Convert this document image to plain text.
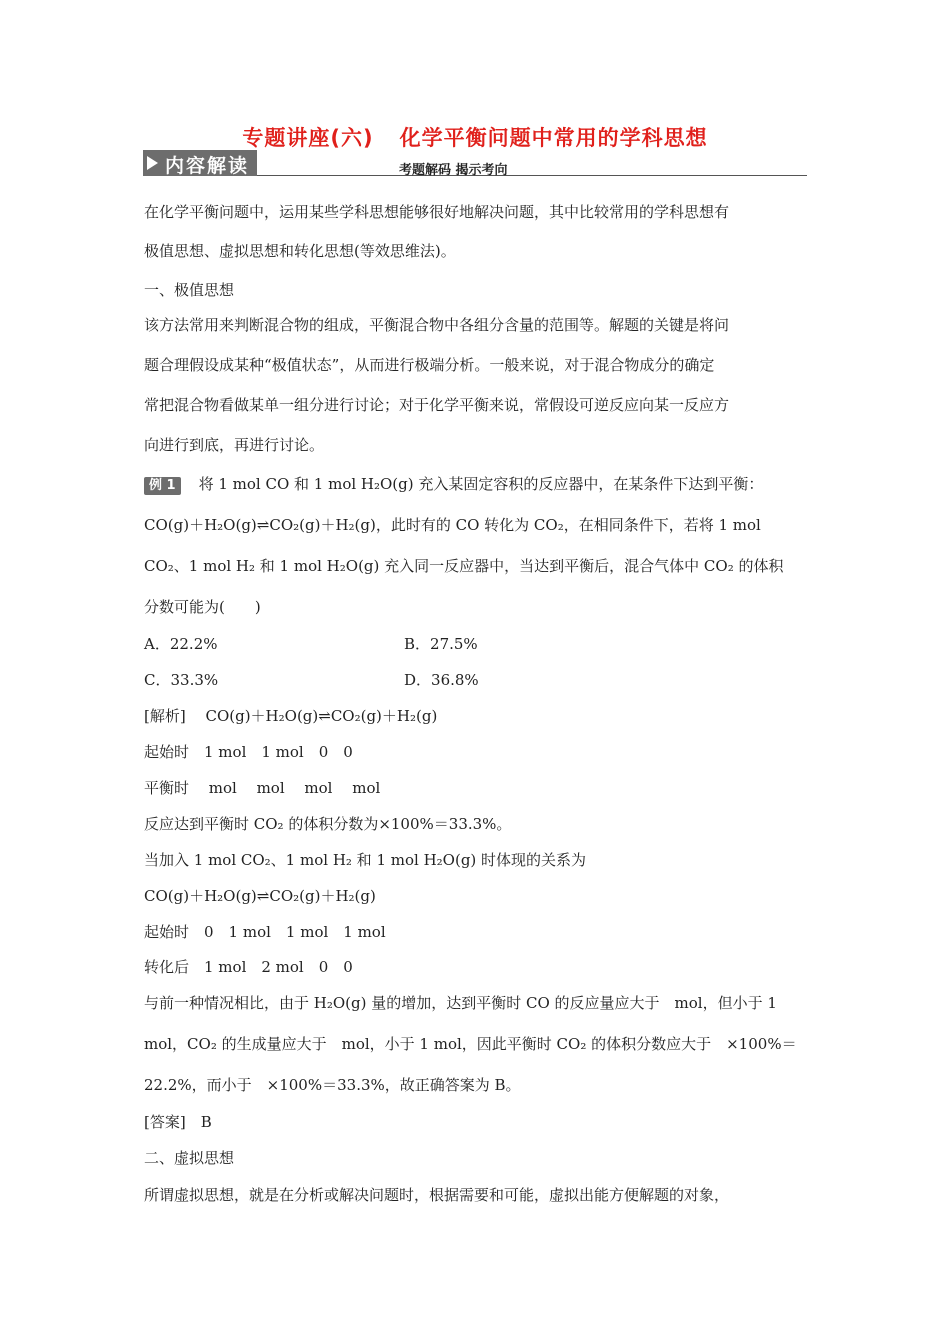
专题讲座(六) 化学平衡问题中常用的学科思想
内容解读	考题解码 揭示考向
在化学平衡问题中，运用某些学科思想能够很好地解决问题，其中比较常用的学科思想有
极值思想、虚拟思想和转化思想(等效思维法)。
一、极值思想
该方法常用来判断混合物的组成，平衡混合物中各组分含量的范围等。解题的关键是将问
题合理假设成某种“极值状态”，从而进行极端分析。一般来说，对于混合物成分的确定
常把混合物看做某单一组分进行讨论；对于化学平衡来说，常假设可逆反应向某一反应方
向进行到底，再进行讨论。
例 1 将 1 mol CO 和 1 mol H₂O(g) 充入某固定容积的反应器中，在某条件下达到平衡：
CO(g)＋H₂O(g)⇌CO₂(g)＋H₂(g)，此时有的 CO 转化为 CO₂，在相同条件下，若将 1 mol
CO₂、1 mol H₂ 和 1 mol H₂O(g) 充入同一反应器中，当达到平衡后，混合气体中 CO₂ 的体积
分数可能为(　　)
A．22.2%	B．27.5%
C．33.3%	D．36.8%
[解析]　 CO(g)＋H₂O(g)⇌CO₂(g)＋H₂(g)
起始时　1 mol　1 mol　0　0
平衡时　 mol　 mol　 mol　 mol
反应达到平衡时 CO₂ 的体积分数为×100%＝33.3%。
当加入 1 mol CO₂、1 mol H₂ 和 1 mol H₂O(g) 时体现的关系为
CO(g)＋H₂O(g)⇌CO₂(g)＋H₂(g)
起始时　0　1 mol　1 mol　1 mol
转化后　1 mol　2 mol　0　0
与前一种情况相比，由于 H₂O(g) 量的增加，达到平衡时 CO 的反应量应大于　mol，但小于 1
mol，CO₂ 的生成量应大于　mol，小于 1 mol，因此平衡时 CO₂ 的体积分数应大于　×100%＝
22.2%，而小于　×100%＝33.3%，故正确答案为 B。
[答案]　B
二、虚拟思想
所谓虚拟思想，就是在分析或解决问题时，根据需要和可能，虚拟出能方便解题的对象，
